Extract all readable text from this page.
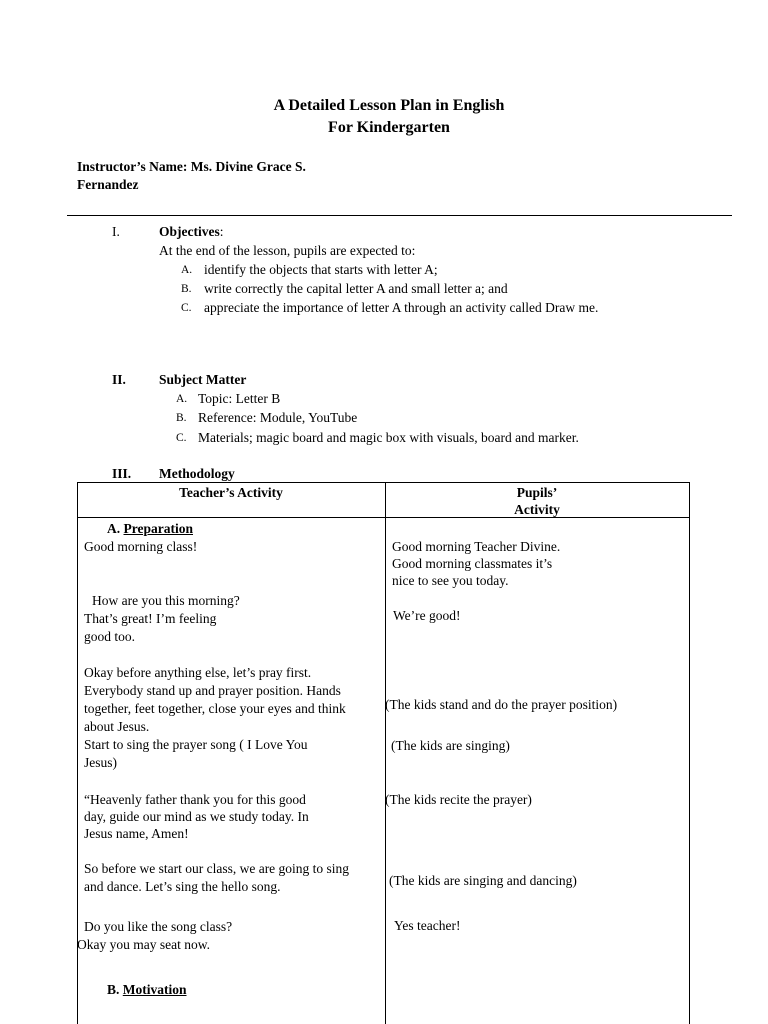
A Detailed Lesson Plan in English
For Kindergarten
Instructor’s Name: Ms. Divine Grace S.
Fernandez
I.	Objectives:
At the end of the lesson, pupils are expected to:
A. identify the objects that starts with letter A;
B. write correctly the capital letter A and small letter a; and
C. appreciate the importance of letter A through an activity called Draw me.
II. Subject Matter
A. Topic: Letter B
B. Reference: Module, YouTube
C. Materials; magic board and magic box with visuals, board and marker.
III. Methodology
Teacher’s Activity	Pupils’
Activity
A. Preparation
Good morning class!
How are you this morning?
That’s great! I’m feeling
good too.
Okay before anything else, let’s pray first.
Everybody stand up and prayer position. Hands
together, feet together, close your eyes and think
about Jesus.
Start to sing the prayer song ( I Love You
Jesus)
“Heavenly father thank you for this good
day, guide our mind as we study today. In
Jesus name, Amen!
So before we start our class, we are going to sing
and dance. Let’s sing the hello song.
Do you like the song class?
Okay you may seat now.
Good morning Teacher Divine.
Good morning classmates it’s
nice to see you today.
We’re good!
(The kids stand and do the prayer position)
(The kids are singing)
(The kids recite the prayer)
(The kids are singing and dancing)
Yes teacher!
B. Motivation
